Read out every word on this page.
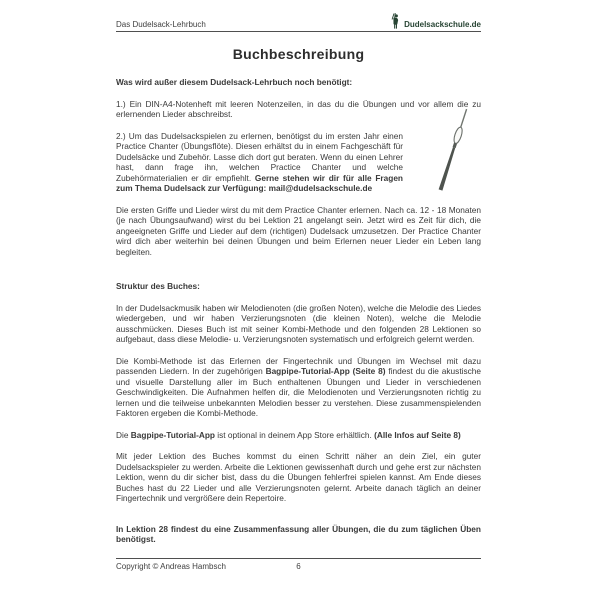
Das Dudelsack-Lehrbuch	Dudelsackschule.de
Buchbeschreibung
Was wird außer diesem Dudelsack-Lehrbuch noch benötigt:

1.) Ein DIN-A4-Notenheft mit leeren Notenzeilen, in das du die Übungen und vor allem die zu erlernenden Lieder abschreibst.

2.) Um das Dudelsackspielen zu erlernen, benötigst du im ersten Jahr einen Practice Chanter (Übungsflöte). Diesen erhältst du in einem Fachgeschäft für Dudelsäcke und Zubehör. Lasse dich dort gut beraten. Wenn du einen Lehrer hast, dann frage ihn, welchen Practice Chanter und welche Zubehörmaterialien er dir empfiehlt. Gerne stehen wir dir für alle Fragen zum Thema Dudelsack zur Verfügung: mail@dudelsackschule.de

Die ersten Griffe und Lieder wirst du mit dem Practice Chanter erlernen. Nach ca. 12 - 18 Monaten (je nach Übungsaufwand) wirst du bei Lektion 21 angelangt sein. Jetzt wird es Zeit für dich, die angeeigneten Griffe und Lieder auf dem (richtigen) Dudelsack umzusetzen. Der Practice Chanter wird dich aber weiterhin bei deinen Übungen und beim Erlernen neuer Lieder ein Leben lang begleiten.

Struktur des Buches:

In der Dudelsackmusik haben wir Melodienoten (die großen Noten), welche die Melodie des Liedes wiedergeben, und wir haben Verzierungsnoten (die kleinen Noten), welche die Melodie ausschmücken. Dieses Buch ist mit seiner Kombi-Methode und den folgenden 28 Lektionen so aufgebaut, dass diese Melodie- u. Verzierungsnoten systematisch und erfolgreich gelernt werden.

Die Kombi-Methode ist das Erlernen der Fingertechnik und Übungen im Wechsel mit dazu passenden Liedern. In der zugehörigen Bagpipe-Tutorial-App (Seite 8) findest du die akustische und visuelle Darstellung aller im Buch enthaltenen Übungen und Lieder in verschiedenen Geschwindigkeiten. Die Aufnahmen helfen dir, die Melodienoten und Verzierungsnoten richtig zu lernen und die teilweise unbekannten Melodien besser zu verstehen. Diese zusammenspielenden Faktoren ergeben die Kombi-Methode.

Die Bagpipe-Tutorial-App ist optional in deinem App Store erhältlich. (Alle Infos auf Seite 8)

Mit jeder Lektion des Buches kommst du einen Schritt näher an dein Ziel, ein guter Dudelsackspieler zu werden. Arbeite die Lektionen gewissenhaft durch und gehe erst zur nächsten Lektion, wenn du dir sicher bist, dass du die Übungen fehlerfrei spielen kannst. Am Ende dieses Buches hast du 22 Lieder und alle Verzierungsnoten gelernt. Arbeite danach täglich an deiner Fingertechnik und vergrößere dein Repertoire.

In Lektion 28 findest du eine Zusammenfassung aller Übungen, die du zum täglichen Üben benötigst.

Copyright © Andreas Hambsch	6
